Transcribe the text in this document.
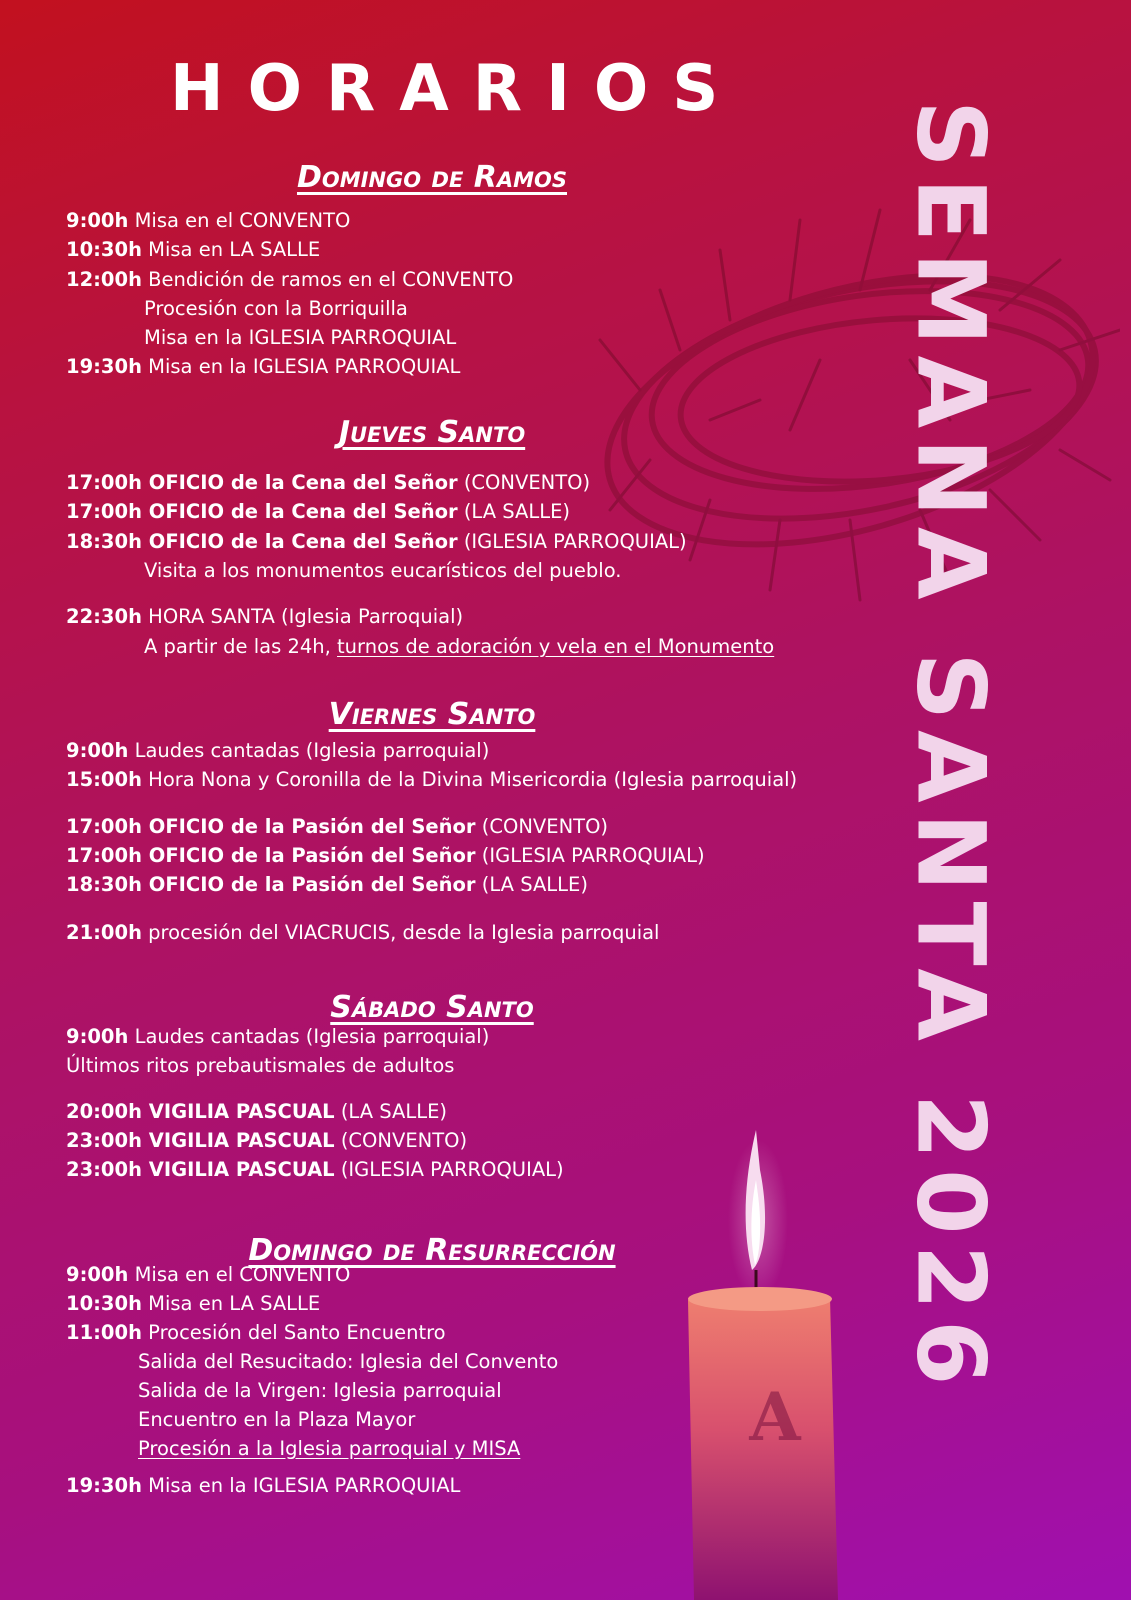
A
HORARIOS
SEMANA SANTA 2026
Domingo de Ramos
Jueves Santo
Viernes Santo
Sábado Santo
Domingo de Resurrección
9:00h Misa en el CONVENTO
10:30h Misa en LA SALLE
12:00h Bendición de ramos en el CONVENTO
Procesión con la Borriquilla
Misa en la IGLESIA PARROQUIAL
19:30h Misa en la IGLESIA PARROQUIAL
17:00h OFICIO de la Cena del Señor (CONVENTO)
17:00h OFICIO de la Cena del Señor (LA SALLE)
18:30h OFICIO de la Cena del Señor (IGLESIA PARROQUIAL)
Visita a los monumentos eucarísticos del pueblo.
22:30h HORA SANTA (Iglesia Parroquial)
A partir de las 24h, turnos de adoración y vela en el Monumento
9:00h Laudes cantadas (Iglesia parroquial)
15:00h Hora Nona y Coronilla de la Divina Misericordia (Iglesia parroquial)
17:00h OFICIO de la Pasión del Señor (CONVENTO)
17:00h OFICIO de la Pasión del Señor (IGLESIA PARROQUIAL)
18:30h OFICIO de la Pasión del Señor (LA SALLE)
21:00h procesión del VIACRUCIS, desde la Iglesia parroquial
9:00h Laudes cantadas (Iglesia parroquial)
Últimos ritos prebautismales de adultos
20:00h VIGILIA PASCUAL (LA SALLE)
23:00h VIGILIA PASCUAL (CONVENTO)
23:00h VIGILIA PASCUAL (IGLESIA PARROQUIAL)
9:00h Misa en el CONVENTO
10:30h Misa en LA SALLE
11:00h Procesión del Santo Encuentro
Salida del Resucitado: Iglesia del Convento
Salida de la Virgen: Iglesia parroquial
Encuentro en la Plaza Mayor
Procesión a la Iglesia parroquial y MISA
19:30h Misa en la IGLESIA PARROQUIAL
